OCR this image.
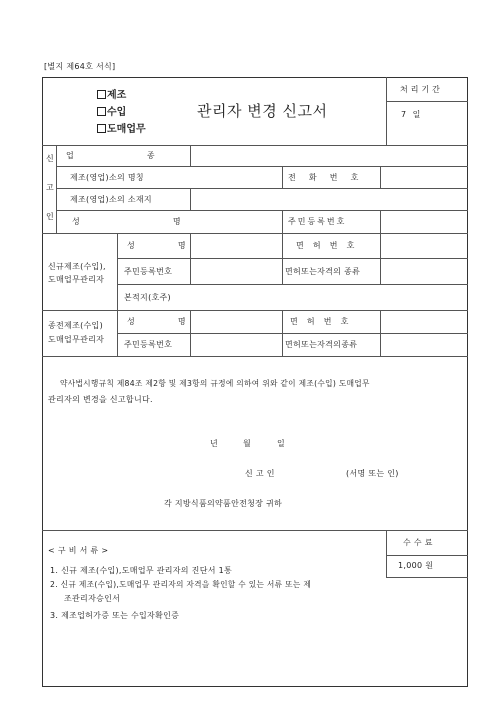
[별지 제64호 서식]
제조
수입
도매업무
관리자 변경 신고서
처리기간
7 일
신
고
인
업 종
제조(영업)소의 명칭	전 화 번 호
제조(영업)소의 소재지
성 명	주민등록번호
신규제조(수입),
도매업무관리자
성 명	면 허 번 호
주민등록번호	면허또는자격의 종류
본적지(호주)
종전제조(수입)
도매업무관리자
성 명	면 허 번 호
주민등록번호	면허또는자격의종류
약사법시행규칙 제84조 제2항 및 제3항의 규정에 의하여 위와 같이 제조(수입) 도매업무
관리자의 변경을 신고합니다.
년	월	일
신 고 인	(서명 또는 인)
각 지방식품의약품안전청장 귀하
< 구 비 서 류 >
1. 신규 제조(수입),도매업무 관리자의 진단서 1통
2. 신규 제조(수입),도매업무 관리자의 자격을 확인할 수 있는 서류 또는 제
조관리자승인서
3. 제조업허가증 또는 수입자확인증
수 수 료
1,000 원
